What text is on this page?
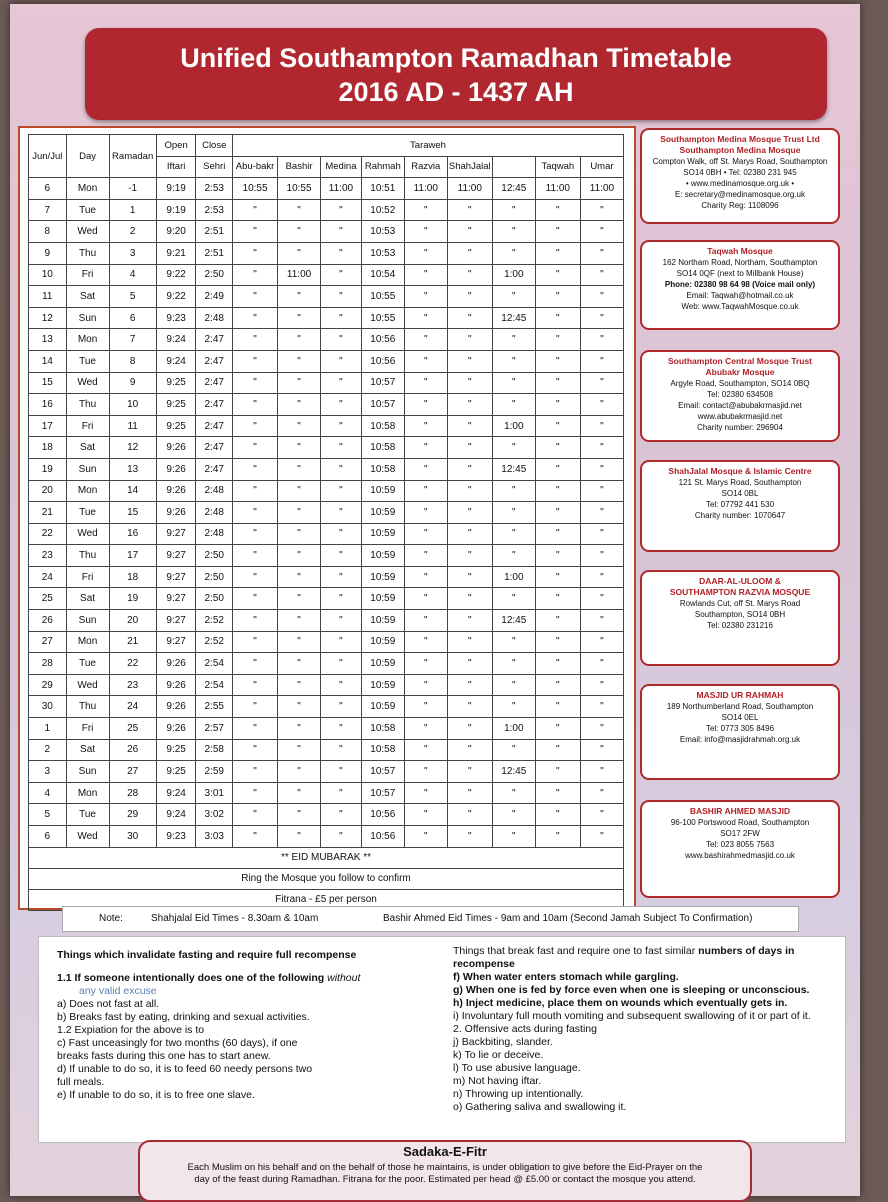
Unified Southampton Ramadhan Timetable
2016 AD - 1437 AH
Jun/Jul	Day	Ramadan	Open	Close	Taraweh								
			Iftari	Sehri	Abu-bakr	Bashir	Medina	Rahmah	Razvia	ShahJalal		Taqwah	Umar
6	Mon	-1	9:19	2:53	10:55	10:55	11:00	10:51	11:00	11:00	12:45	11:00	11:00
7	Tue	1	9:19	2:53	"	"	"	10:52	"	"	"	"	"
8	Wed	2	9:20	2:51	"	"	"	10:53	"	"	"	"	"
9	Thu	3	9:21	2:51	"	"	"	10:53	"	"	"	"	"
10	Fri	4	9:22	2:50	"	11:00	"	10:54	"	"	1:00	"	"
11	Sat	5	9:22	2:49	"	"	"	10:55	"	"	"	"	"
12	Sun	6	9:23	2:48	"	"	"	10:55	"	"	12:45	"	"
13	Mon	7	9:24	2:47	"	"	"	10:56	"	"	"	"	"
14	Tue	8	9:24	2:47	"	"	"	10:56	"	"	"	"	"
15	Wed	9	9:25	2:47	"	"	"	10:57	"	"	"	"	"
16	Thu	10	9:25	2:47	"	"	"	10:57	"	"	"	"	"
17	Fri	11	9:25	2:47	"	"	"	10:58	"	"	1:00	"	"
18	Sat	12	9:26	2:47	"	"	"	10:58	"	"	"	"	"
19	Sun	13	9:26	2:47	"	"	"	10:58	"	"	12:45	"	"
20	Mon	14	9:26	2:48	"	"	"	10:59	"	"	"	"	"
21	Tue	15	9:26	2:48	"	"	"	10:59	"	"	"	"	"
22	Wed	16	9:27	2:48	"	"	"	10:59	"	"	"	"	"
23	Thu	17	9:27	2:50	"	"	"	10:59	"	"	"	"	"
24	Fri	18	9:27	2:50	"	"	"	10:59	"	"	1:00	"	"
25	Sat	19	9:27	2:50	"	"	"	10:59	"	"	"	"	"
26	Sun	20	9:27	2:52	"	"	"	10:59	"	"	12:45	"	"
27	Mon	21	9:27	2:52	"	"	"	10:59	"	"	"	"	"
28	Tue	22	9:26	2:54	"	"	"	10:59	"	"	"	"	"
29	Wed	23	9:26	2:54	"	"	"	10:59	"	"	"	"	"
30	Thu	24	9:26	2:55	"	"	"	10:59	"	"	"	"	"
1	Fri	25	9:26	2:57	"	"	"	10:58	"	"	1:00	"	"
2	Sat	26	9:25	2:58	"	"	"	10:58	"	"	"	"	"
3	Sun	27	9:25	2:59	"	"	"	10:57	"	"	12:45	"	"
4	Mon	28	9:24	3:01	"	"	"	10:57	"	"	"	"	"
5	Tue	29	9:24	3:02	"	"	"	10:56	"	"	"	"	"
6	Wed	30	9:23	3:03	"	"	"	10:56	"	"	"	"	"
** EID MUBARAK **													
Ring the Mosque you follow to confirm													
Fitrana - £5 per person													
Southampton Medina Mosque Trust Ltd
Southampton Medina Mosque
Compton Walk, off St. Marys Road, Southampton
SO14 0BH • Tel: 02380 231 945
• www.medinamosque.org.uk •
E: secretary@medinamosque.org.uk
Charity Reg: 1108096
Taqwah Mosque
162 Northam Road, Northam, Southampton
SO14 0QF (next to Millbank House)
Phone: 02380 98 64 98 (Voice mail only)
Email: Taqwah@hotmail.co.uk
Web: www.TaqwahMosque.co.uk
Southampton Central Mosque Trust
Abubakr Mosque
Argyle Road, Southampton, SO14 0BQ
Tel: 02380 634508
Email: contact@abubakrmasjid.net
www.abubakrmasjid.net
Charity number: 296904
ShahJalal Mosque & Islamic Centre
121 St. Marys Road, Southampton
SO14 0BL
Tel: 07792 441 530
Charity number: 1070647
DAAR-AL-ULOOM &
SOUTHAMPTON RAZVIA MOSQUE
Rowlands Cut, off St. Marys Road
Southampton, SO14 0BH
Tel: 02380 231216
MASJID UR RAHMAH
189 Northumberland Road, Southampton
SO14 0EL
Tel: 0773 305 8496
Email: info@masjidrahmah.org.uk
BASHIR AHMED MASJID
96-100 Portswood Road, Southampton
SO17 2FW
Tel: 023 8055 7563
www.bashirahmedmasjid.co.uk
Note:	Shahjalal Eid Times - 8.30am & 10am	Bashir Ahmed Eid Times - 9am and 10am (Second Jamah Subject To Confirmation)
Things which invalidate fasting and require full recompense
1.1 If someone intentionally does one of the following without
any valid excuse
a) Does not fast at all.
b) Breaks fast by eating, drinking and sexual activities.
1.2 Expiation for the above is to
c) Fast unceasingly for two months (60 days), if one
breaks fasts during this one has to start anew.
d) If unable to do so, it is to feed 60 needy persons two
full meals.
e) If unable to do so, it is to free one slave.
Things that break fast and require one to fast similar numbers of days in
recompense
f) When water enters stomach while gargling.
g) When one is fed by force even when one is sleeping or unconscious.
h) Inject medicine, place them on wounds which eventually gets in.
i) Involuntary full mouth vomiting and subsequent swallowing of it or part of it.
2. Offensive acts during fasting
j) Backbiting, slander.
k) To lie or deceive.
l) To use abusive language.
m) Not having iftar.
n) Throwing up intentionally.
o) Gathering saliva and swallowing it.
Sadaka-E-Fitr
Each Muslim on his behalf and on the behalf of those he maintains, is under obligation to give before the Eid-Prayer on the
day of the feast during Ramadhan. Fitrana for the poor. Estimated per head @ £5.00 or contact the mosque you attend.
